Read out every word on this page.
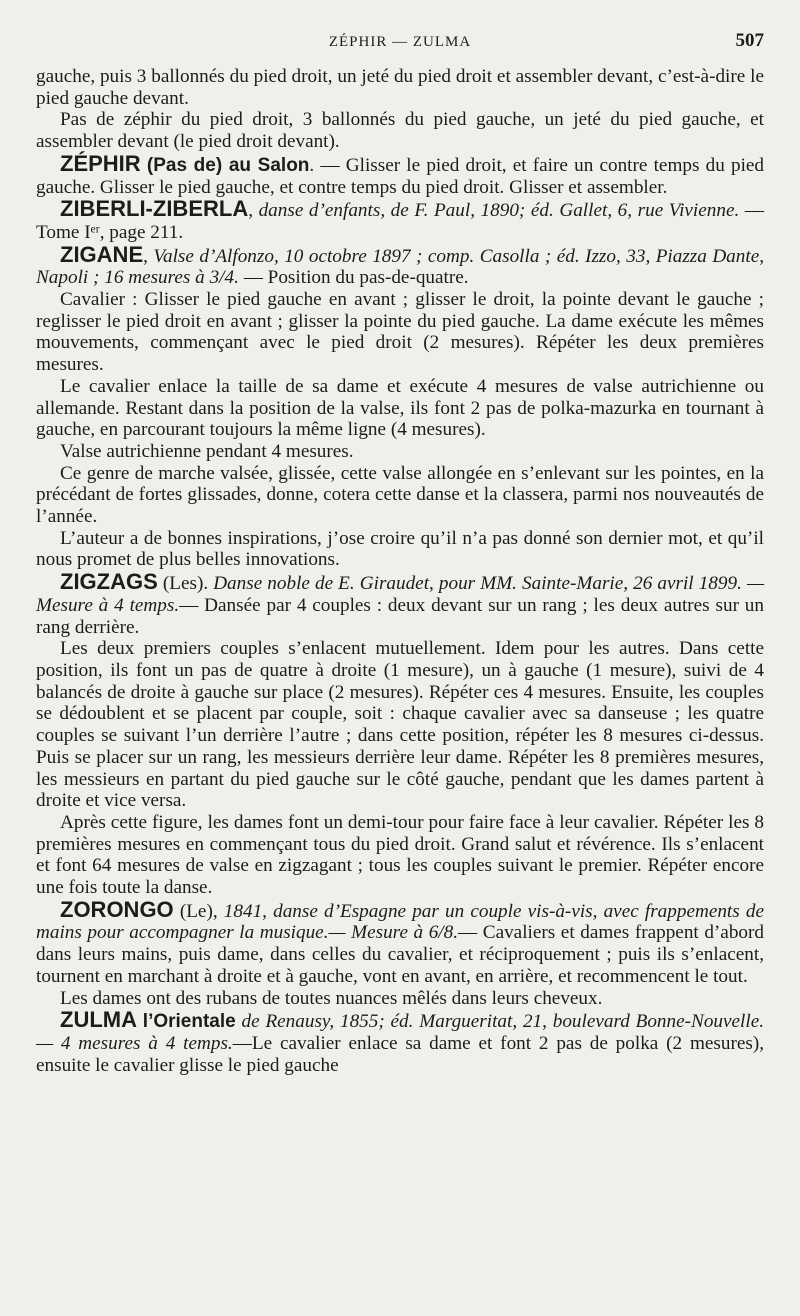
ZÉPHIR — ZULMA	507

gauche, puis 3 ballonnés du pied droit, un jeté du pied droit et assembler devant, c’est-à-dire le pied gauche devant.

Pas de zéphir du pied droit, 3 ballonnés du pied gauche, un jeté du pied gauche, et assembler devant (le pied droit devant).

ZÉPHIR (Pas de) au Salon. — Glisser le pied droit, et faire un contre temps du pied gauche. Glisser le pied gauche, et contre temps du pied droit. Glisser et assembler.

ZIBERLI-ZIBERLA, danse d’enfants, de F. Paul, 1890; éd. Gallet, 6, rue Vivienne. — Tome Iᵉʳ, page 211.

ZIGANE, Valse d’Alfonzo, 10 octobre 1897 ; comp. Casolla ; éd. Izzo, 33, Piazza Dante, Napoli ; 16 mesures à 3/4. — Position du pas-de-quatre.

Cavalier : Glisser le pied gauche en avant ; glisser le droit, la pointe devant le gauche ; reglisser le pied droit en avant ; glisser la pointe du pied gauche. La dame exécute les mêmes mouvements, commençant avec le pied droit (2 mesures). Répéter les deux premières mesures.

Le cavalier enlace la taille de sa dame et exécute 4 mesures de valse autrichienne ou allemande. Restant dans la position de la valse, ils font 2 pas de polka-mazurka en tournant à gauche, en parcourant toujours la même ligne (4 mesures).

Valse autrichienne pendant 4 mesures.

Ce genre de marche valsée, glissée, cette valse allongée en s’enlevant sur les pointes, en la précédant de fortes glissades, donne, cotera cette danse et la classera, parmi nos nouveautés de l’année.

L’auteur a de bonnes inspirations, j’ose croire qu’il n’a pas donné son dernier mot, et qu’il nous promet de plus belles innovations.

ZIGZAGS (Les). Danse noble de E. Giraudet, pour MM. Sainte-Marie, 26 avril 1899. — Mesure à 4 temps.— Dansée par 4 couples : deux devant sur un rang ; les deux autres sur un rang derrière.

Les deux premiers couples s’enlacent mutuellement. Idem pour les autres. Dans cette position, ils font un pas de quatre à droite (1 mesure), un à gauche (1 mesure), suivi de 4 balancés de droite à gauche sur place (2 mesures). Répéter ces 4 mesures. Ensuite, les couples se dédoublent et se placent par couple, soit : chaque cavalier avec sa danseuse ; les quatre couples se suivant l’un derrière l’autre ; dans cette position, répéter les 8 mesures ci-dessus. Puis se placer sur un rang, les messieurs derrière leur dame. Répéter les 8 premières mesures, les messieurs en partant du pied gauche sur le côté gauche, pendant que les dames partent à droite et vice versa.

Après cette figure, les dames font un demi-tour pour faire face à leur cavalier. Répéter les 8 premières mesures en commençant tous du pied droit. Grand salut et révérence. Ils s’enlacent et font 64 mesures de valse en zigzagant ; tous les couples suivant le premier. Répéter encore une fois toute la danse.

ZORONGO (Le), 1841, danse d’Espagne par un couple vis-à-vis, avec frappements de mains pour accompagner la musique.— Mesure à 6/8.— Cavaliers et dames frappent d’abord dans leurs mains, puis dame, dans celles du cavalier, et réciproquement ; puis ils s’enlacent, tournent en marchant à droite et à gauche, vont en avant, en arrière, et recommencent le tout.

Les dames ont des rubans de toutes nuances mêlés dans leurs cheveux.

ZULMA l’Orientale de Renausy, 1855; éd. Margueritat, 21, boulevard Bonne-Nouvelle.— 4 mesures à 4 temps.—Le cavalier enlace sa dame et font 2 pas de polka (2 mesures), ensuite le cavalier glisse le pied gauche
